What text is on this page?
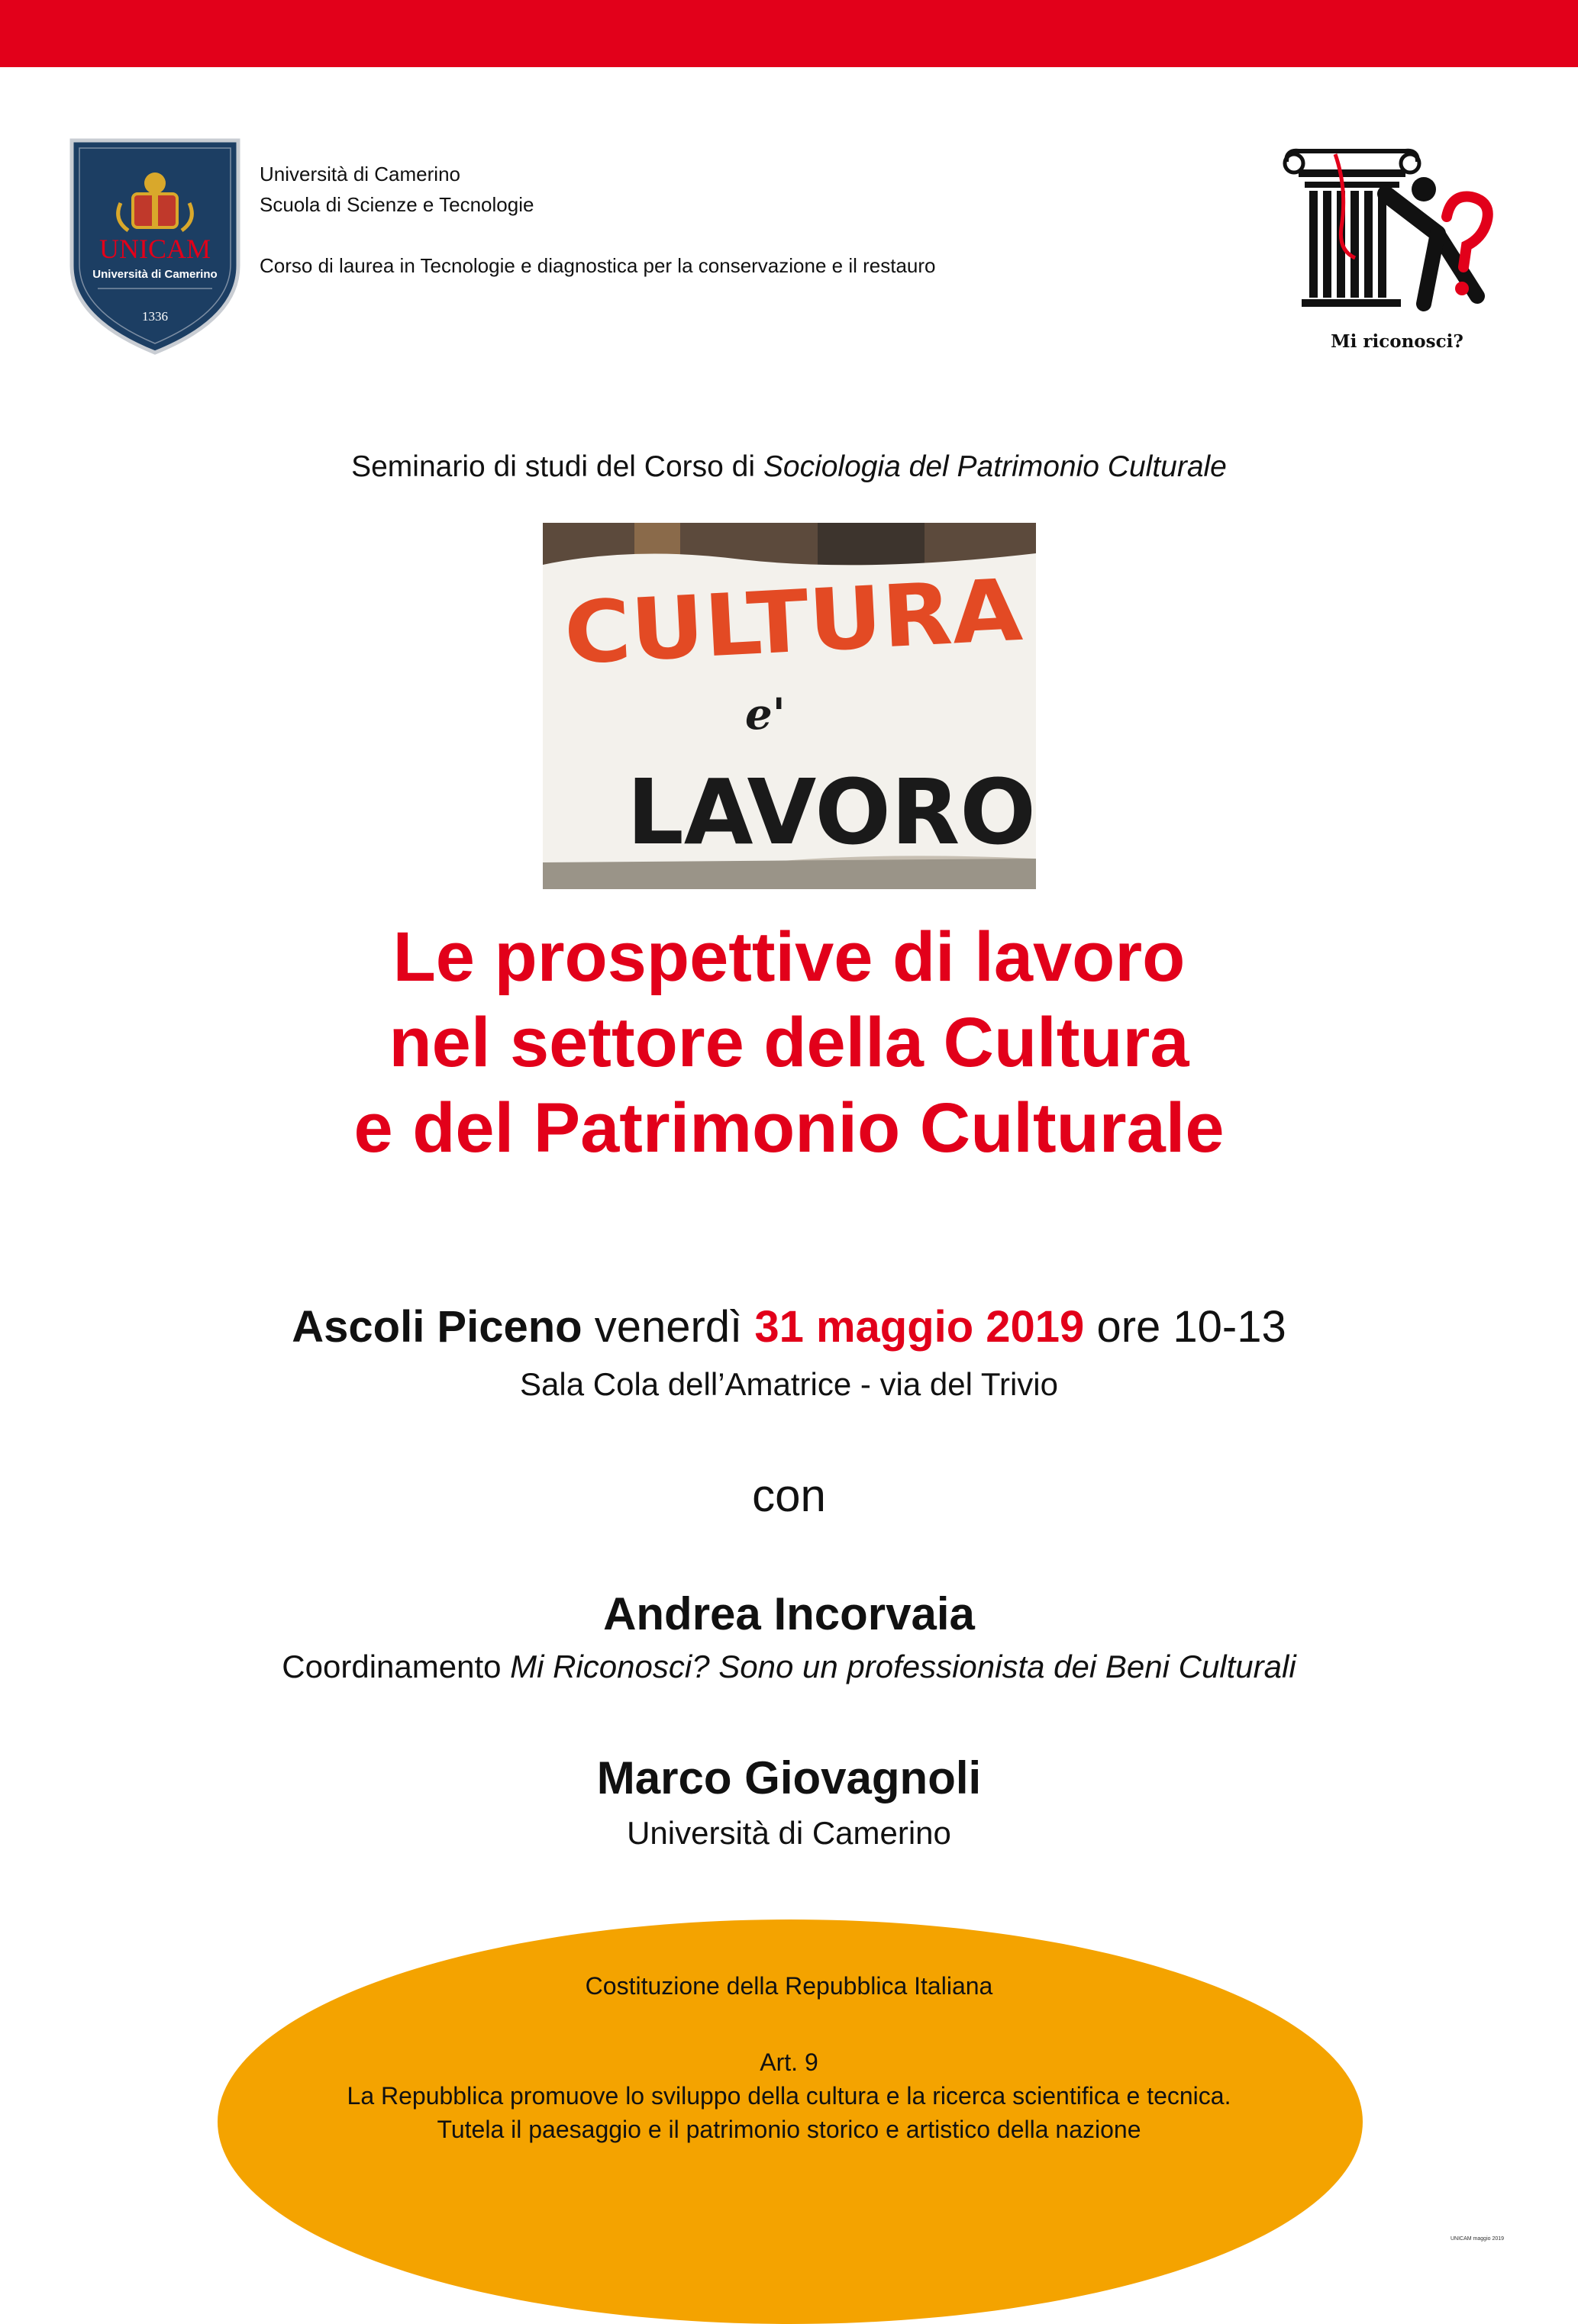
UNICAM
Università di Camerino
1336
Università di Camerino
Scuola di Scienze e Tecnologie
Corso di laurea in Tecnologie e diagnostica per la conservazione e il restauro
Mi riconosci?
Seminario di studi del Corso di Sociologia del Patrimonio Culturale
CULTURA
e'
LAVORO
Le prospettive di lavoro
nel settore della Cultura
e del Patrimonio Culturale
Ascoli Piceno venerdì 31 maggio 2019 ore 10-13
Sala Cola dell’Amatrice - via del Trivio
con
Andrea Incorvaia
Coordinamento Mi Riconosci? Sono un professionista dei Beni Culturali
Marco Giovagnoli
Università di Camerino
Costituzione della Repubblica Italiana
Art. 9
La Repubblica promuove lo sviluppo della cultura e la ricerca scientifica e tecnica.
Tutela il paesaggio e il patrimonio storico e artistico della nazione
UNICAM maggio 2019
